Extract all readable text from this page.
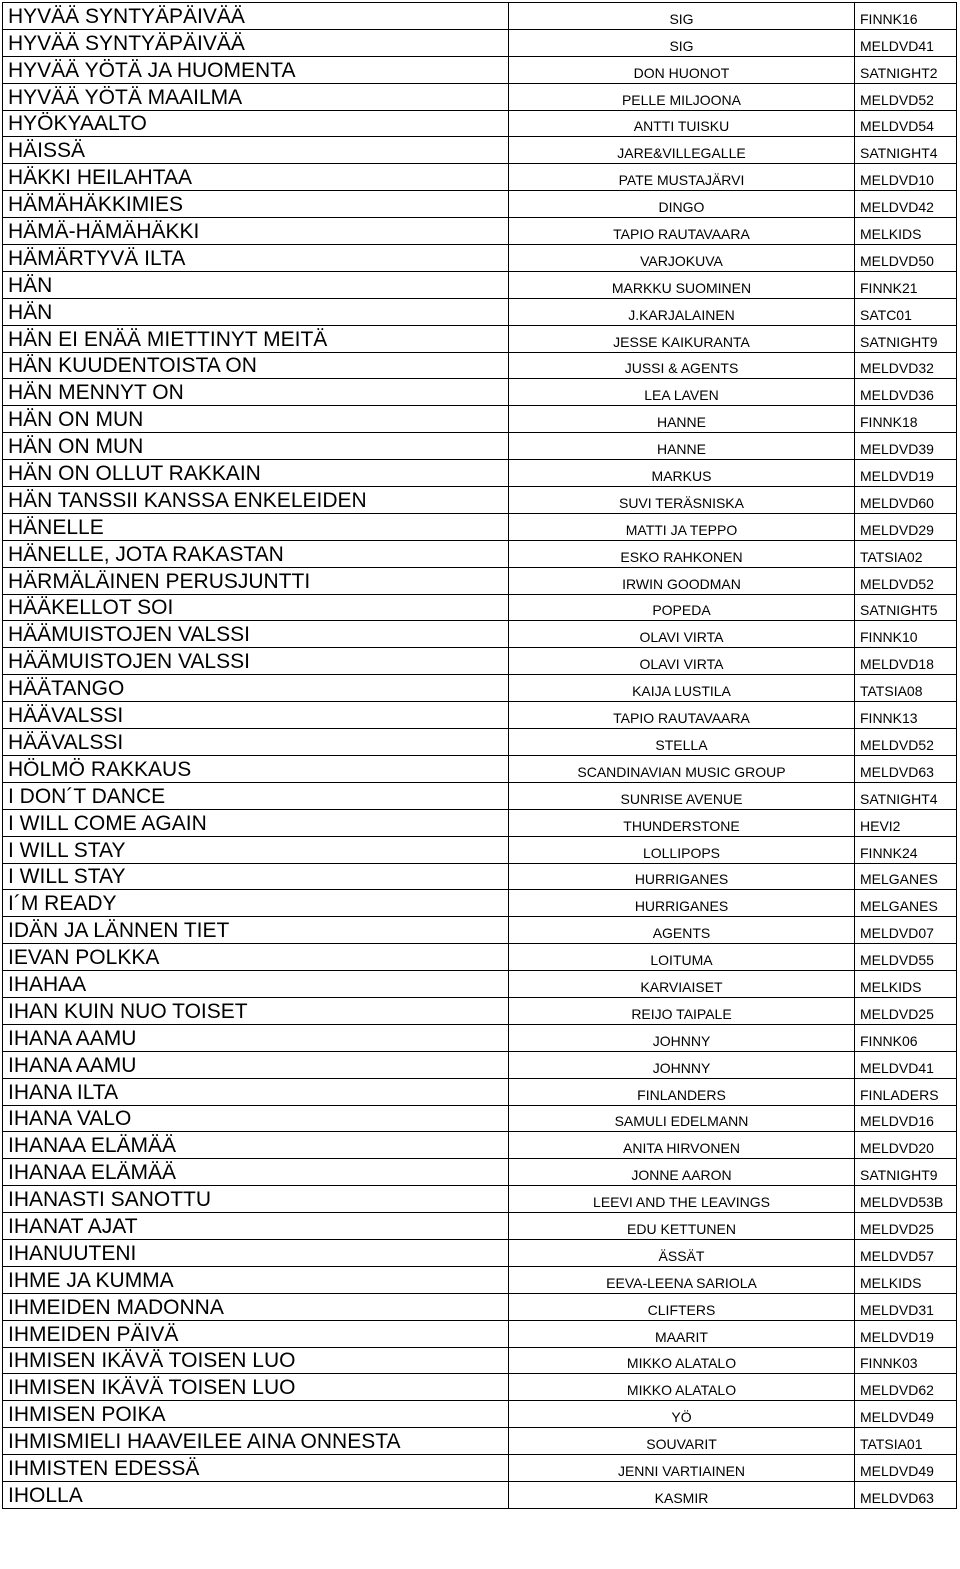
HYVÄÄ SYNTYÄPÄIVÄÄ	SIG	FINNK16
HYVÄÄ SYNTYÄPÄIVÄÄ	SIG	MELDVD41
HYVÄÄ YÖTÄ JA HUOMENTA	DON HUONOT	SATNIGHT2
HYVÄÄ YÖTÄ MAAILMA	PELLE MILJOONA	MELDVD52
HYÖKYAALTO	ANTTI TUISKU	MELDVD54
HÄISSÄ	JARE&VILLEGALLE	SATNIGHT4
HÄKKI HEILAHTAA	PATE MUSTAJÄRVI	MELDVD10
HÄMÄHÄKKIMIES	DINGO	MELDVD42
HÄMÄ-HÄMÄHÄKKI	TAPIO RAUTAVAARA	MELKIDS
HÄMÄRTYVÄ ILTA	VARJOKUVA	MELDVD50
HÄN	MARKKU SUOMINEN	FINNK21
HÄN	J.KARJALAINEN	SATC01
HÄN EI ENÄÄ MIETTINYT MEITÄ	JESSE KAIKURANTA	SATNIGHT9
HÄN KUUDENTOISTA ON	JUSSI & AGENTS	MELDVD32
HÄN MENNYT ON	LEA LAVEN	MELDVD36
HÄN ON MUN	HANNE	FINNK18
HÄN ON MUN	HANNE	MELDVD39
HÄN ON OLLUT RAKKAIN	MARKUS	MELDVD19
HÄN TANSSII KANSSA ENKELEIDEN	SUVI TERÄSNISKA	MELDVD60
HÄNELLE	MATTI JA TEPPO	MELDVD29
HÄNELLE, JOTA RAKASTAN	ESKO RAHKONEN	TATSIA02
HÄRMÄLÄINEN PERUSJUNTTI	IRWIN GOODMAN	MELDVD52
HÄÄKELLOT SOI	POPEDA	SATNIGHT5
HÄÄMUISTOJEN VALSSI	OLAVI VIRTA	FINNK10
HÄÄMUISTOJEN VALSSI	OLAVI VIRTA	MELDVD18
HÄÄTANGO	KAIJA LUSTILA	TATSIA08
HÄÄVALSSI	TAPIO RAUTAVAARA	FINNK13
HÄÄVALSSI	STELLA	MELDVD52
HÖLMÖ RAKKAUS	SCANDINAVIAN MUSIC GROUP	MELDVD63
I DON´T DANCE	SUNRISE AVENUE	SATNIGHT4
I WILL COME AGAIN	THUNDERSTONE	HEVI2
I WILL STAY	LOLLIPOPS	FINNK24
I WILL STAY	HURRIGANES	MELGANES
I´M READY	HURRIGANES	MELGANES
IDÄN JA LÄNNEN TIET	AGENTS	MELDVD07
IEVAN POLKKA	LOITUMA	MELDVD55
IHAHAA	KARVIAISET	MELKIDS
IHAN KUIN NUO TOISET	REIJO TAIPALE	MELDVD25
IHANA AAMU	JOHNNY	FINNK06
IHANA AAMU	JOHNNY	MELDVD41
IHANA ILTA	FINLANDERS	FINLADERS
IHANA VALO	SAMULI EDELMANN	MELDVD16
IHANAA ELÄMÄÄ	ANITA HIRVONEN	MELDVD20
IHANAA ELÄMÄÄ	JONNE AARON	SATNIGHT9
IHANASTI SANOTTU	LEEVI AND THE LEAVINGS	MELDVD53B
IHANAT AJAT	EDU KETTUNEN	MELDVD25
IHANUUTENI	ÄSSÄT	MELDVD57
IHME JA KUMMA	EEVA-LEENA SARIOLA	MELKIDS
IHMEIDEN MADONNA	CLIFTERS	MELDVD31
IHMEIDEN PÄIVÄ	MAARIT	MELDVD19
IHMISEN IKÄVÄ TOISEN LUO	MIKKO ALATALO	FINNK03
IHMISEN IKÄVÄ TOISEN LUO	MIKKO ALATALO	MELDVD62
IHMISEN POIKA	YÖ	MELDVD49
IHMISMIELI HAAVEILEE AINA ONNESTA	SOUVARIT	TATSIA01
IHMISTEN EDESSÄ	JENNI VARTIAINEN	MELDVD49
IHOLLA	KASMIR	MELDVD63
